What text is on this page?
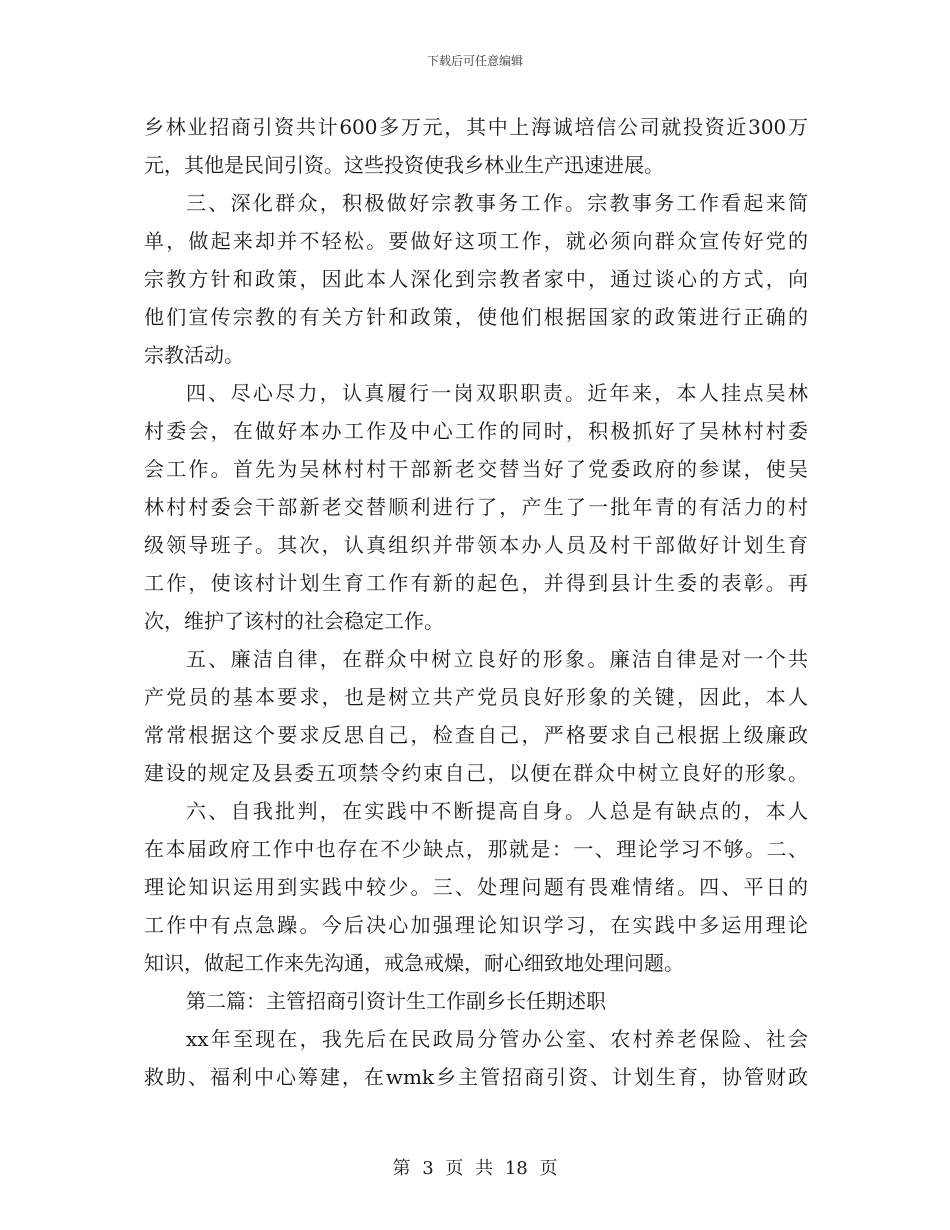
下载后可任意编辑
乡林业招商引资共计600多万元，其中上海诚培信公司就投资近300万
元，其他是民间引资。这些投资使我乡林业生产迅速进展。
三、深化群众，积极做好宗教事务工作。宗教事务工作看起来简
单，做起来却并不轻松。要做好这项工作，就必须向群众宣传好党的
宗教方针和政策，因此本人深化到宗教者家中，通过谈心的方式，向
他们宣传宗教的有关方针和政策，使他们根据国家的政策进行正确的
宗教活动。
四、尽心尽力，认真履行一岗双职职责。近年来，本人挂点吴林
村委会，在做好本办工作及中心工作的同时，积极抓好了吴林村村委
会工作。首先为吴林村村干部新老交替当好了党委政府的参谋，使吴
林村村委会干部新老交替顺利进行了，产生了一批年青的有活力的村
级领导班子。其次，认真组织并带领本办人员及村干部做好计划生育
工作，使该村计划生育工作有新的起色，并得到县计生委的表彰。再
次，维护了该村的社会稳定工作。
五、廉洁自律，在群众中树立良好的形象。廉洁自律是对一个共
产党员的基本要求，也是树立共产党员良好形象的关键，因此，本人
常常根据这个要求反思自己，检查自己，严格要求自己根据上级廉政
建设的规定及县委五项禁令约束自己，以便在群众中树立良好的形象。
六、自我批判，在实践中不断提高自身。人总是有缺点的，本人
在本届政府工作中也存在不少缺点，那就是：一、理论学习不够。二、
理论知识运用到实践中较少。三、处理问题有畏难情绪。四、平日的
工作中有点急躁。今后决心加强理论知识学习，在实践中多运用理论
知识，做起工作来先沟通，戒急戒燥，耐心细致地处理问题。
第二篇：主管招商引资计生工作副乡长任期述职
xx年至现在，我先后在民政局分管办公室、农村养老保险、社会
救助、福利中心筹建，在wmk乡主管招商引资、计划生育，协管财政
第 3 页 共 18 页
